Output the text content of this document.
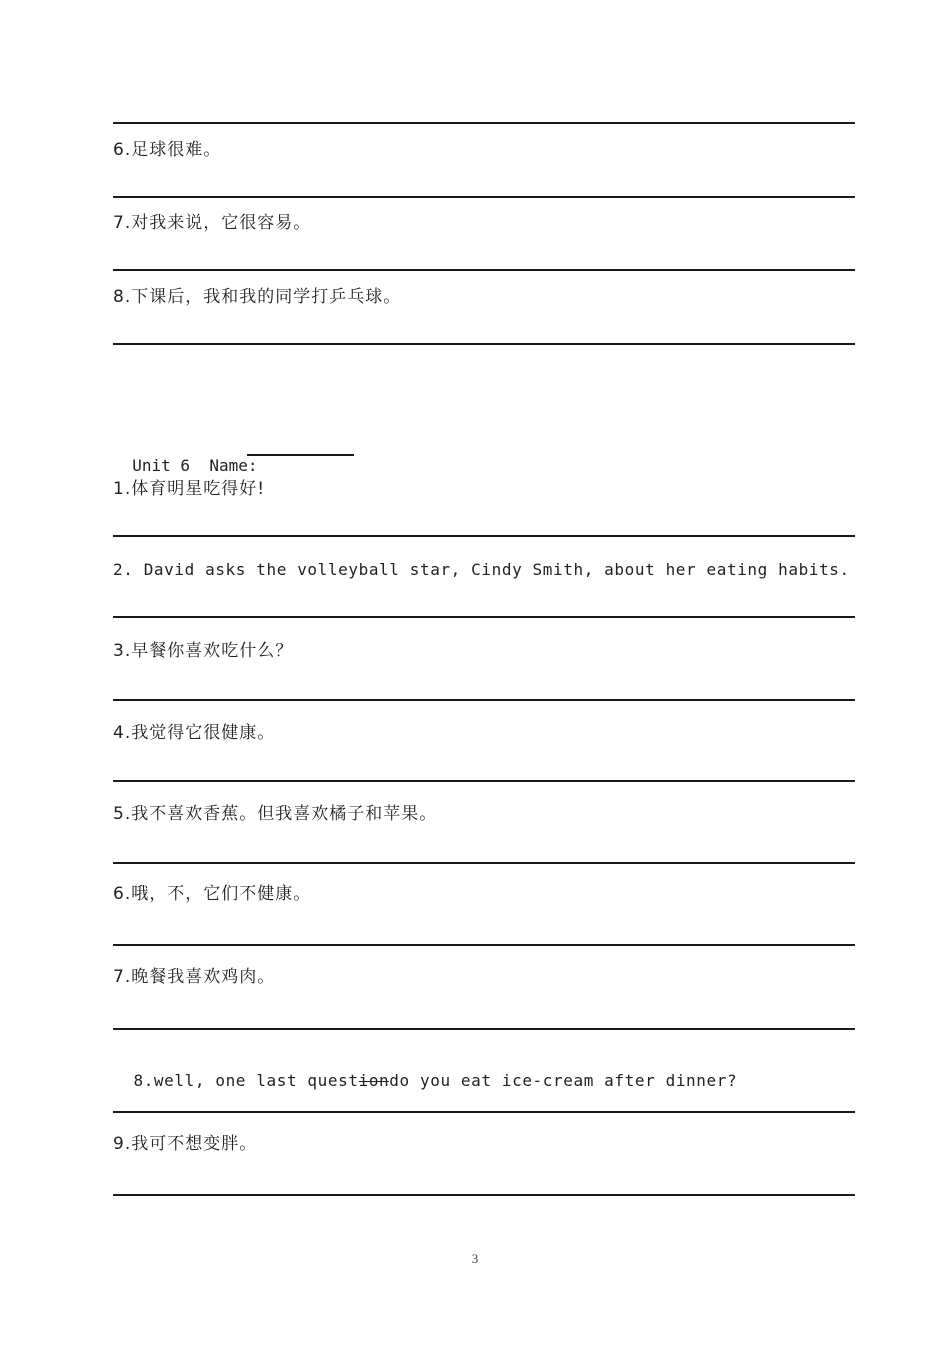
6.足球很难。
7.对我来说，它很容易。
8.下课后，我和我的同学打乒乓球。

Unit 6 Name:

1.体育明星吃得好!
2. David asks the volleyball star, Cindy Smith, about her eating habits.
3.早餐你喜欢吃什么？
4.我觉得它很健康。
5.我不喜欢香蕉。但我喜欢橘子和苹果。
6.哦，不，它们不健康。
7.晚餐我喜欢鸡肉。

8.well, one last questiondo you eat ice-cream after dinner?

9.我可不想变胖。
3
